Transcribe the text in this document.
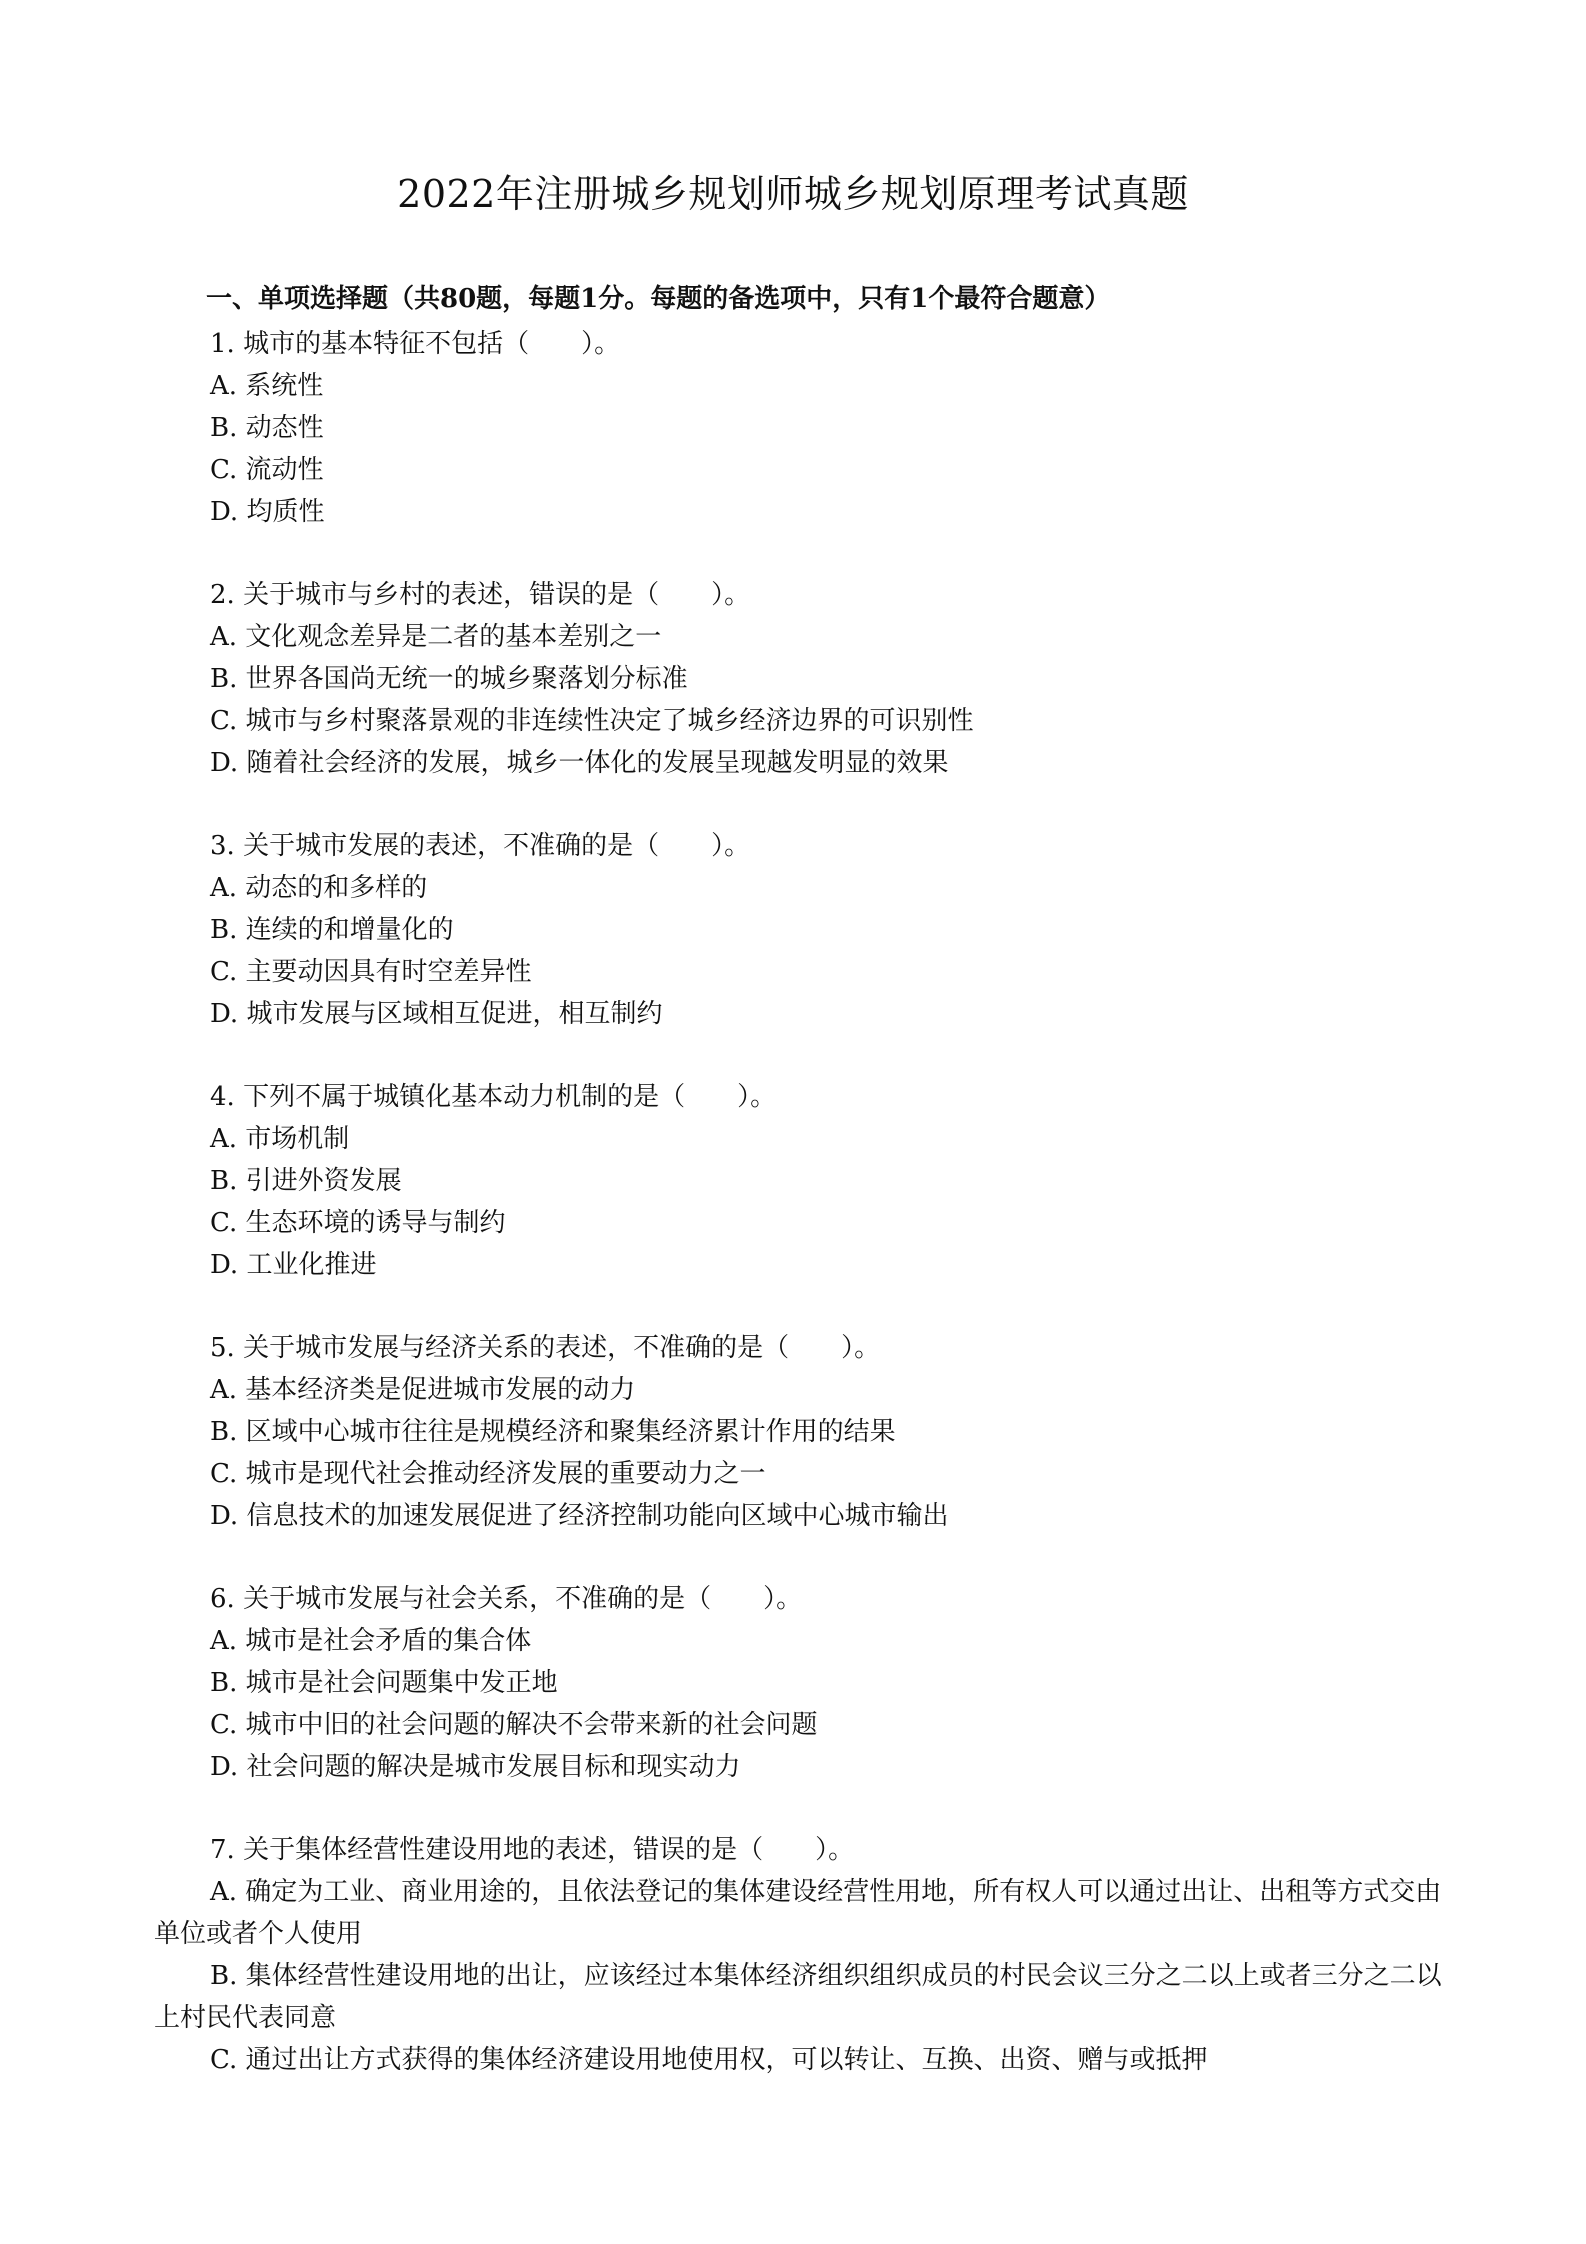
2022年注册城乡规划师城乡规划原理考试真题
一、单项选择题（共80题，每题1分。每题的备选项中，只有1个最符合题意）
1. 城市的基本特征不包括（　　）。
A. 系统性
B. 动态性
C. 流动性
D. 均质性
2. 关于城市与乡村的表述，错误的是（　　）。
A. 文化观念差异是二者的基本差别之一
B. 世界各国尚无统一的城乡聚落划分标准
C. 城市与乡村聚落景观的非连续性决定了城乡经济边界的可识别性
D. 随着社会经济的发展，城乡一体化的发展呈现越发明显的效果
3. 关于城市发展的表述，不准确的是（　　）。
A. 动态的和多样的
B. 连续的和增量化的
C. 主要动因具有时空差异性
D. 城市发展与区域相互促进，相互制约
4. 下列不属于城镇化基本动力机制的是（　　）。
A. 市场机制
B. 引进外资发展
C. 生态环境的诱导与制约
D. 工业化推进
5. 关于城市发展与经济关系的表述，不准确的是（　　）。
A. 基本经济类是促进城市发展的动力
B. 区域中心城市往往是规模经济和聚集经济累计作用的结果
C. 城市是现代社会推动经济发展的重要动力之一
D. 信息技术的加速发展促进了经济控制功能向区域中心城市输出
6. 关于城市发展与社会关系，不准确的是（　　）。
A. 城市是社会矛盾的集合体
B. 城市是社会问题集中发正地
C. 城市中旧的社会问题的解决不会带来新的社会问题
D. 社会问题的解决是城市发展目标和现实动力
7. 关于集体经营性建设用地的表述，错误的是（　　）。
A. 确定为工业、商业用途的，且依法登记的集体建设经营性用地，所有权人可以通过出让、出租等方式交由单位或者个人使用
B. 集体经营性建设用地的出让，应该经过本集体经济组织组织成员的村民会议三分之二以上或者三分之二以上村民代表同意
C. 通过出让方式获得的集体经济建设用地使用权，可以转让、互换、出资、赠与或抵押
